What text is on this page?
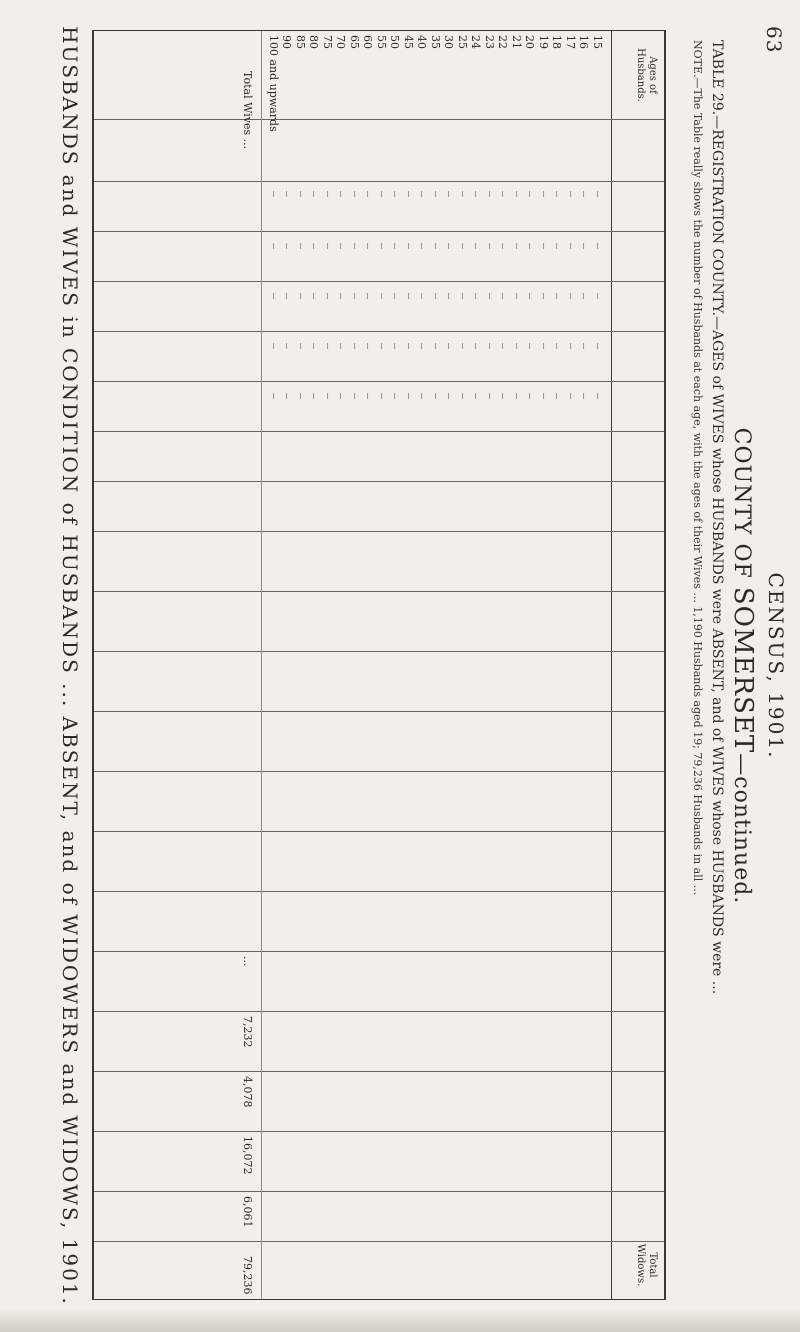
63
CENSUS, 1901.
COUNTY OF SOMERSET—continued.
TABLE 29.—REGISTRATION COUNTY.—AGES of WIVES whose HUSBANDS were ABSENT, and of WIVES whose HUSBANDS were ...
NOTE.—The Table really shows the number of Husbands at each age, with the ages of their Wives ... 1,190 Husbands aged 19; 79,236 Husbands in all ...
Ages of Husbands.
Total Widows.
15
16
17
18
19
20
21
22
23
24
25
30
35
40
45
50
55
60
65
70
75
80
85
90
100 and upwards
—
—
—
—
—
—
—
—
—
—
—
—
—
—
—
—
—
—
—
—
—
—
—
—
—
—
—
—
—
—
—
—
—
—
—
—
—
—
—
—
—
—
—
—
—
—
—
—
—
—
—
—
—
—
—
—
—
—
—
—
—
—
—
—
—
—
—
—
—
—
—
—
—
—
—
—
—
—
—
—
—
—
—
—
—
—
—
—
—
—
—
—
—
—
—
—
—
—
—
—
—
—
—
—
—
—
—
—
—
—
—
—
—
—
—
—
—
—
—
—
—
—
—
—
—
Total Wives ...
79,236
6,061
16,072
4,078
7,232
...
HUSBANDS and WIVES in CONDITION of HUSBANDS ... ABSENT, and of WIDOWERS and WIDOWS, 1901.
